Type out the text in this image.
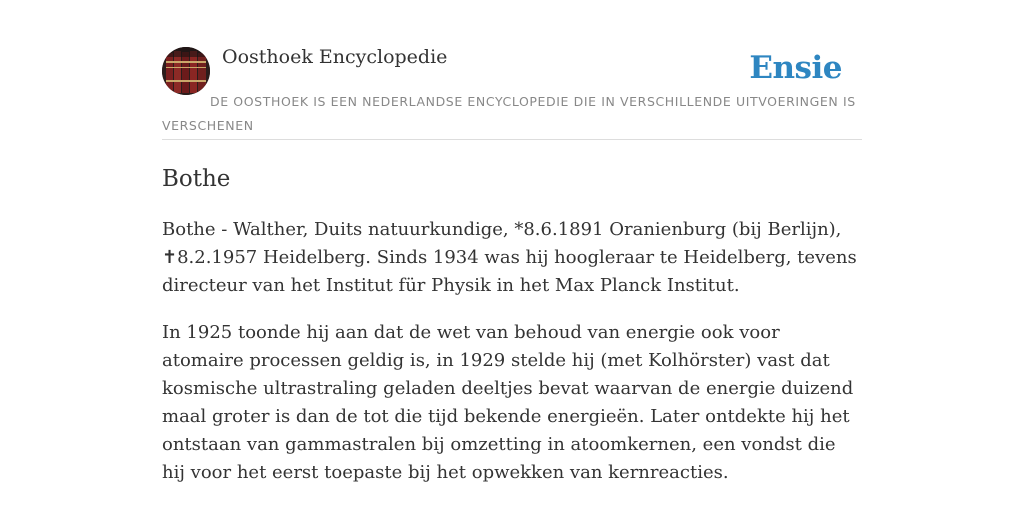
Oosthoek Encyclopedie	Ensie
DE OOSTHOEK IS EEN NEDERLANDSE ENCYCLOPEDIE DIE IN VERSCHILLENDE UITVOERINGEN IS VERSCHENEN
Bothe

Bothe - Walther, Duits natuurkundige, *8.6.1891 Oranienburg (bij Berlijn), ✝8.2.1957 Heidelberg. Sinds 1934 was hij hoogleraar te Heidelberg, tevens directeur van het Institut für Physik in het Max Planck Institut.

In 1925 toonde hij aan dat de wet van behoud van energie ook voor atomaire processen geldig is, in 1929 stelde hij (met Kolhörster) vast dat kosmische ultrastraling geladen deeltjes bevat waarvan de energie duizend maal groter is dan de tot die tijd bekende energieën. Later ontdekte hij het ontstaan van gammastralen bij omzetting in atoomkernen, een vondst die hij voor het eerst toepaste bij het opwekken van kernreacties.
